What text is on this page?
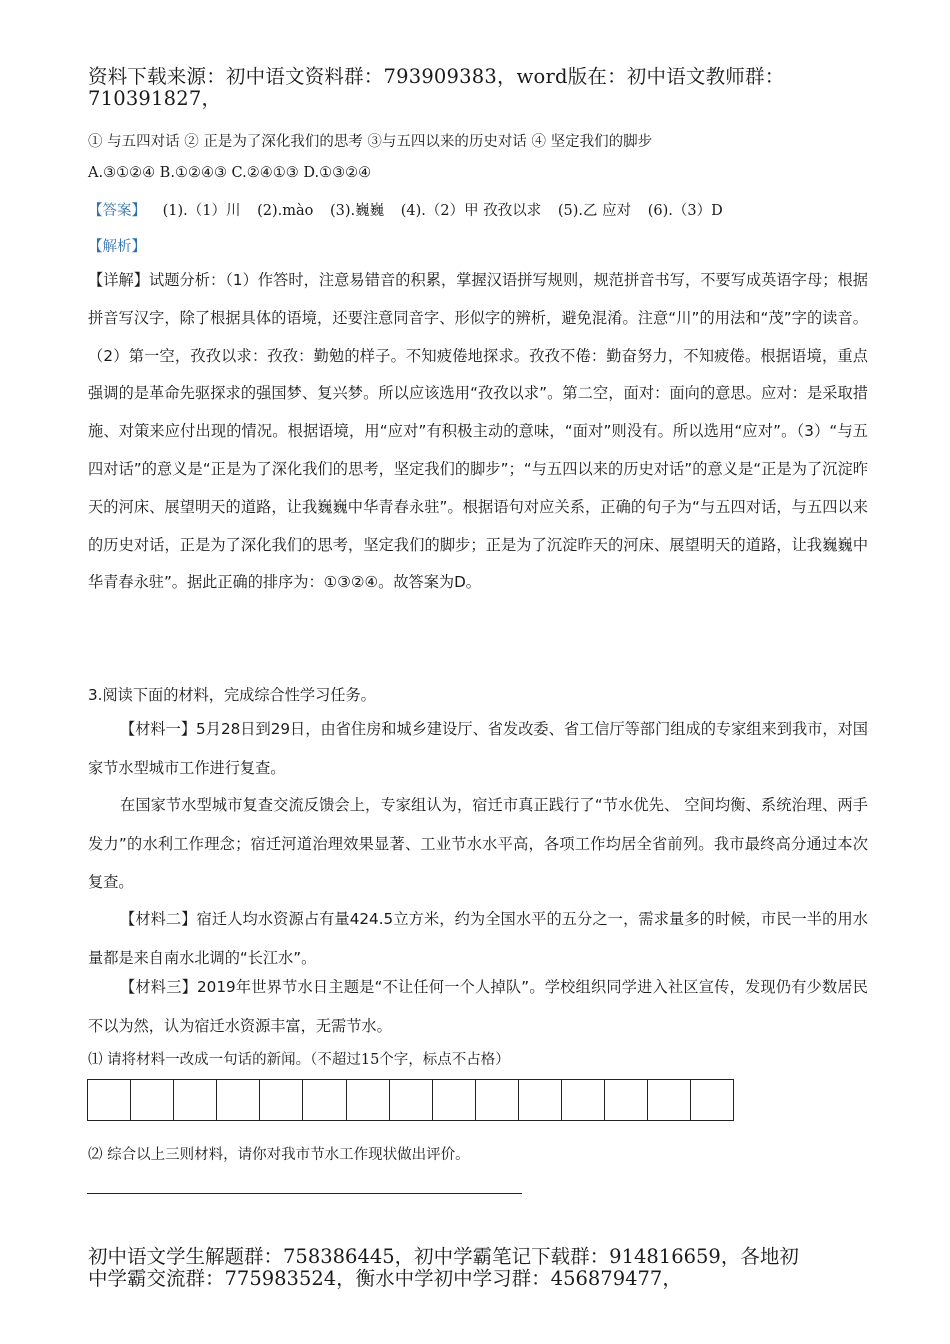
资料下载来源：初中语文资料群：793909383，word版在：初中语文教师群：
710391827，
① 与五四对话 ② 正是为了深化我们的思考 ③与五四以来的历史对话 ④ 坚定我们的脚步
A.③①②④ B.①②④③ C.②④①③ D.①③②④
【答案】 (1).（1）川 (2).mào (3).巍巍 (4).（2）甲 孜孜以求 (5).乙 应对 (6).（3）D
【解析】
【详解】试题分析：（1）作答时，注意易错音的积累，掌握汉语拼写规则，规范拼音书写，不要写成英语字母；根据拼音写汉字，除了根据具体的语境，还要注意同音字、形似字的辨析，避免混淆。注意“川”的用法和“茂”字的读音。（2）第一空，孜孜以求：孜孜：勤勉的样子。不知疲倦地探求。孜孜不倦：勤奋努力，不知疲倦。根据语境，重点强调的是革命先驱探求的强国梦、复兴梦。所以应该选用“孜孜以求”。第二空，面对：面向的意思。应对：是采取措施、对策来应付出现的情况。根据语境，用“应对”有积极主动的意味，“面对”则没有。所以选用“应对”。（3）“与五四对话”的意义是“正是为了深化我们的思考，坚定我们的脚步”；“与五四以来的历史对话”的意义是“正是为了沉淀昨天的河床、展望明天的道路，让我巍巍中华青春永驻”。根据语句对应关系，正确的句子为“与五四对话，与五四以来的历史对话，正是为了深化我们的思考，坚定我们的脚步；正是为了沉淀昨天的河床、展望明天的道路，让我巍巍中华青春永驻”。据此正确的排序为：①③②④。故答案为D。
3.阅读下面的材料，完成综合性学习任务。
【材料一】5月28日到29日，由省住房和城乡建设厅、省发改委、省工信厅等部门组成的专家组来到我市，对国家节水型城市工作进行复查。
在国家节水型城市复查交流反馈会上，专家组认为，宿迁市真正践行了“节水优先、 空间均衡、系统治理、两手发力”的水利工作理念；宿迁河道治理效果显著、工业节水水平高，各项工作均居全省前列。我市最终高分通过本次复查。
【材料二】宿迁人均水资源占有量424.5立方米，约为全国水平的五分之一，需求量多的时候，市民一半的用水量都是来自南水北调的“长江水”。
【材料三】2019年世界节水日主题是“不让任何一个人掉队”。学校组织同学进入社区宣传，发现仍有少数居民不以为然，认为宿迁水资源丰富，无需节水。
⑴ 请将材料一改成一句话的新闻。（不超过15个字，标点不占格）
⑵ 综合以上三则材料，请你对我市节水工作现状做出评价。
初中语文学生解题群：758386445，初中学霸笔记下载群：914816659，各地初
中学霸交流群：775983524，衡水中学初中学习群：456879477，
